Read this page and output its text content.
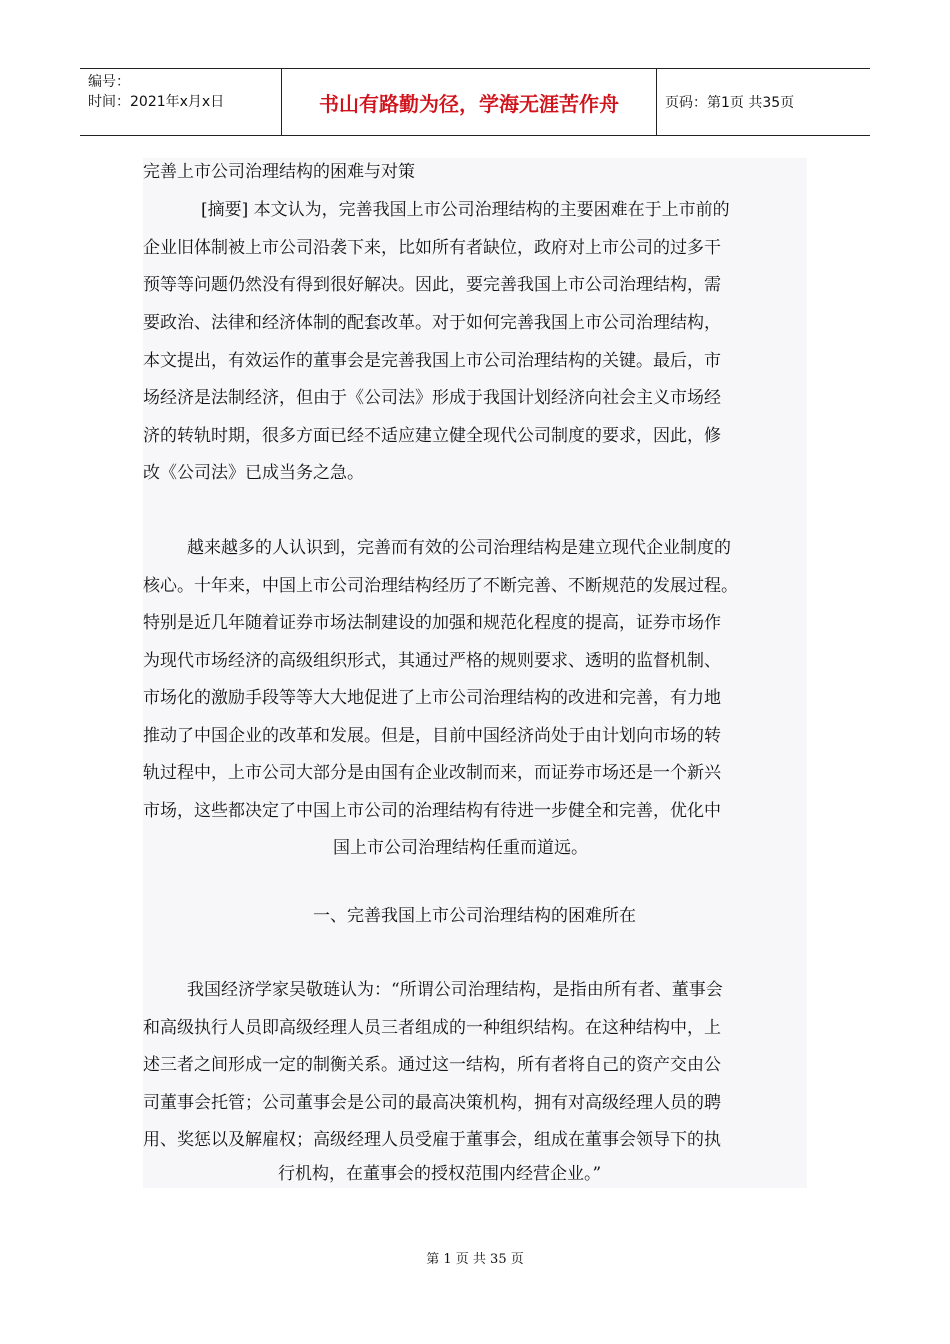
编号：
时间：2021年x月x日	书山有路勤为径，学海无涯苦作舟	页码：第1页 共35页
完善上市公司治理结构的困难与对策
[摘要] 本文认为，完善我国上市公司治理结构的主要困难在于上市前的
企业旧体制被上市公司沿袭下来，比如所有者缺位，政府对上市公司的过多干
预等等问题仍然没有得到很好解决。因此，要完善我国上市公司治理结构，需
要政治、法律和经济体制的配套改革。对于如何完善我国上市公司治理结构，
本文提出，有效运作的董事会是完善我国上市公司治理结构的关键。最后，市
场经济是法制经济，但由于《公司法》形成于我国计划经济向社会主义市场经
济的转轨时期，很多方面已经不适应建立健全现代公司制度的要求，因此，修
改《公司法》已成当务之急。
越来越多的人认识到，完善而有效的公司治理结构是建立现代企业制度的
核心。十年来，中国上市公司治理结构经历了不断完善、不断规范的发展过程。
特别是近几年随着证券市场法制建设的加强和规范化程度的提高，证券市场作
为现代市场经济的高级组织形式，其通过严格的规则要求、透明的监督机制、
市场化的激励手段等等大大地促进了上市公司治理结构的改进和完善，有力地
推动了中国企业的改革和发展。但是，目前中国经济尚处于由计划向市场的转
轨过程中，上市公司大部分是由国有企业改制而来，而证券市场还是一个新兴
市场，这些都决定了中国上市公司的治理结构有待进一步健全和完善，优化中
国上市公司治理结构任重而道远。
一、完善我国上市公司治理结构的困难所在
我国经济学家吴敬琏认为：“所谓公司治理结构，是指由所有者、董事会
和高级执行人员即高级经理人员三者组成的一种组织结构。在这种结构中，上
述三者之间形成一定的制衡关系。通过这一结构，所有者将自己的资产交由公
司董事会托管；公司董事会是公司的最高决策机构，拥有对高级经理人员的聘
用、奖惩以及解雇权；高级经理人员受雇于董事会，组成在董事会领导下的执
行机构，在董事会的授权范围内经营企业。”
第 1 页 共 35 页
